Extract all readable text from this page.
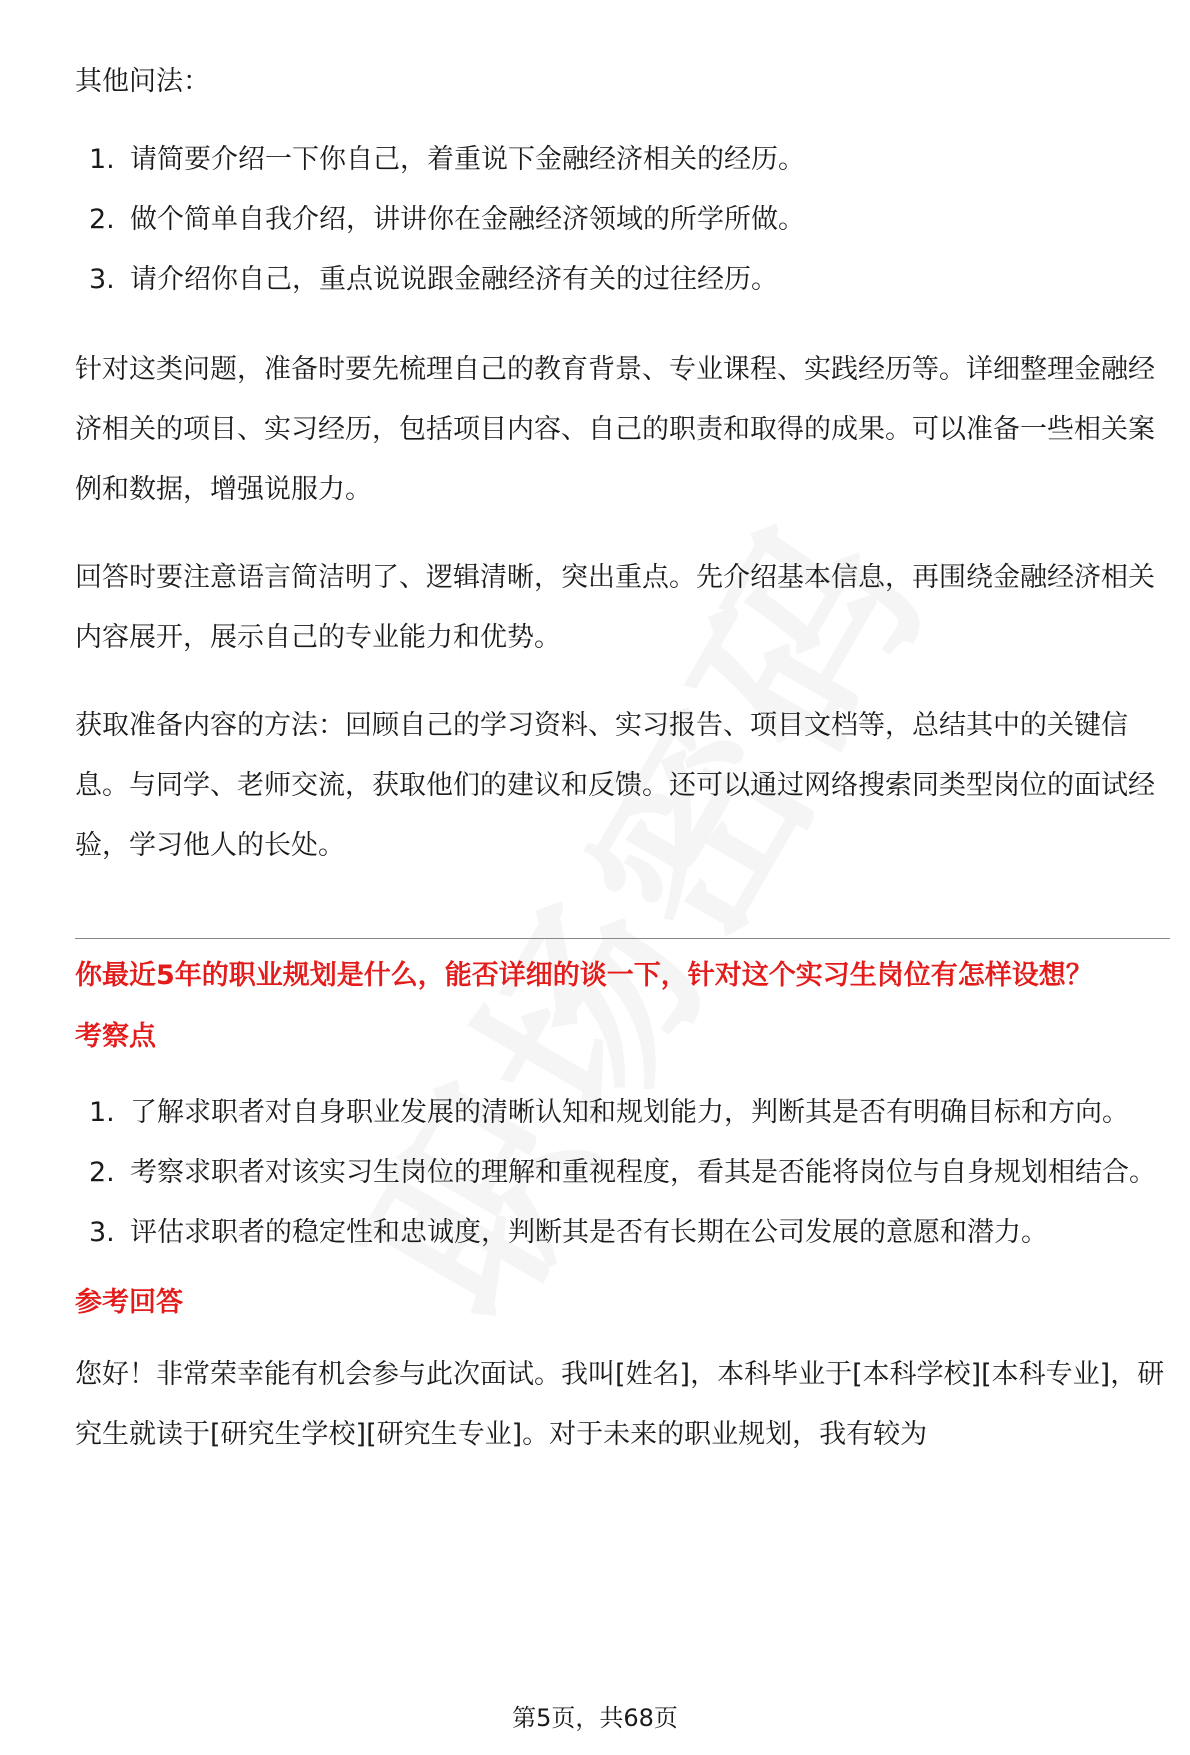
其他问法：

1. 请简要介绍一下你自己，着重说下金融经济相关的经历。
2. 做个简单自我介绍，讲讲你在金融经济领域的所学所做。
3. 请介绍你自己，重点说说跟金融经济有关的过往经历。

针对这类问题，准备时要先梳理自己的教育背景、专业课程、实践经历等。详细整理金融经济相关的项目、实习经历，包括项目内容、自己的职责和取得的成果。可以准备一些相关案例和数据，增强说服力。

回答时要注意语言简洁明了、逻辑清晰，突出重点。先介绍基本信息，再围绕金融经济相关内容展开，展示自己的专业能力和优势。

获取准备内容的方法：回顾自己的学习资料、实习报告、项目文档等，总结其中的关键信息。与同学、老师交流，获取他们的建议和反馈。还可以通过网络搜索同类型岗位的面试经验，学习他人的长处。

你最近5年的职业规划是什么，能否详细的谈一下，针对这个实习生岗位有怎样设想？

考察点

1. 了解求职者对自身职业发展的清晰认知和规划能力，判断其是否有明确目标和方向。
2. 考察求职者对该实习生岗位的理解和重视程度，看其是否能将岗位与自身规划相结合。
3. 评估求职者的稳定性和忠诚度，判断其是否有长期在公司发展的意愿和潜力。

参考回答

您好！非常荣幸能有机会参与此次面试。我叫[姓名]，本科毕业于[本科学校][本科专业]，研究生就读于[研究生学校][研究生专业]。对于未来的职业规划，我有较为

第5页，共68页
